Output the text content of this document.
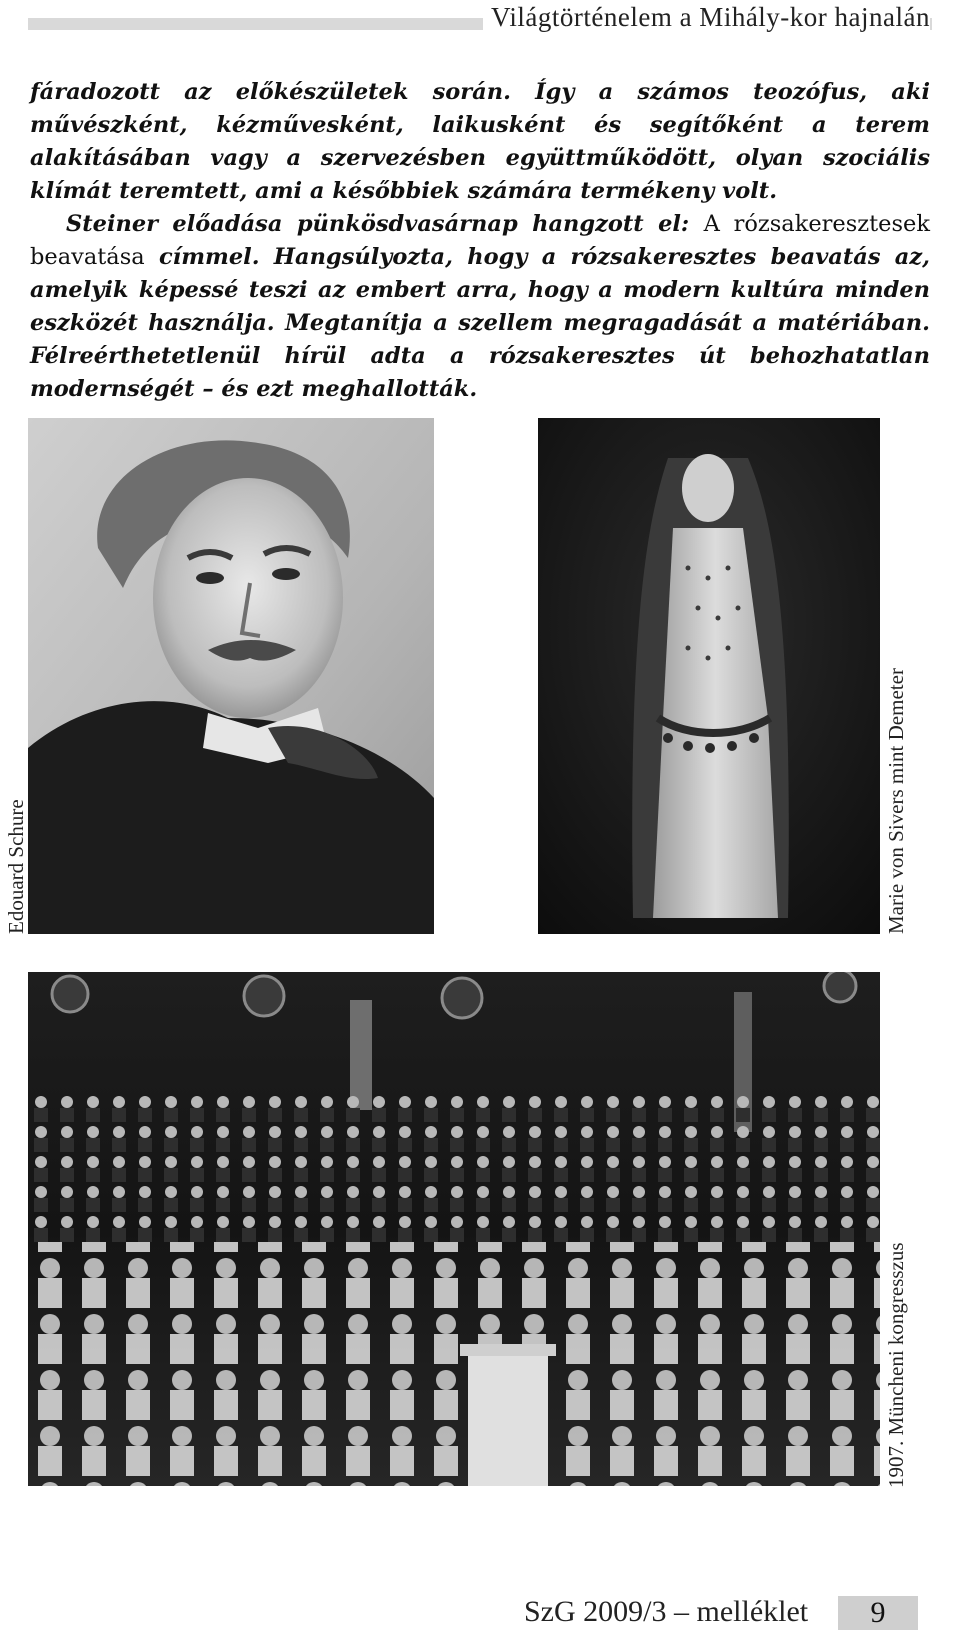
Világtörténelem a Mihály-kor hajnalán

fáradozott az előkészületek során. Így a számos teozófus, aki művészként, kézművesként, laikusként és segítőként a terem alakításában vagy a szervezésben együttműködött, olyan szociális klímát teremtett, ami a későbbiek számára termékeny volt.

Steiner előadása pünkösdvasárnap hangzott el: A rózsakeresztesek beavatása címmel. Hangsúlyozta, hogy a rózsakeresztes beavatás az, amelyik képessé teszi az embert arra, hogy a modern kultúra minden eszközét használja. Megtanítja a szellem megragadását a matériában. Félreérthetetlenül hírül adta a rózsakeresztes út behozhatatlan modernségét – és ezt meghallották.

Edouard Schure	Marie von Sivers mint Demeter
1907. Müncheni kongresszus
SzG 2009/3 – melléklet	9
